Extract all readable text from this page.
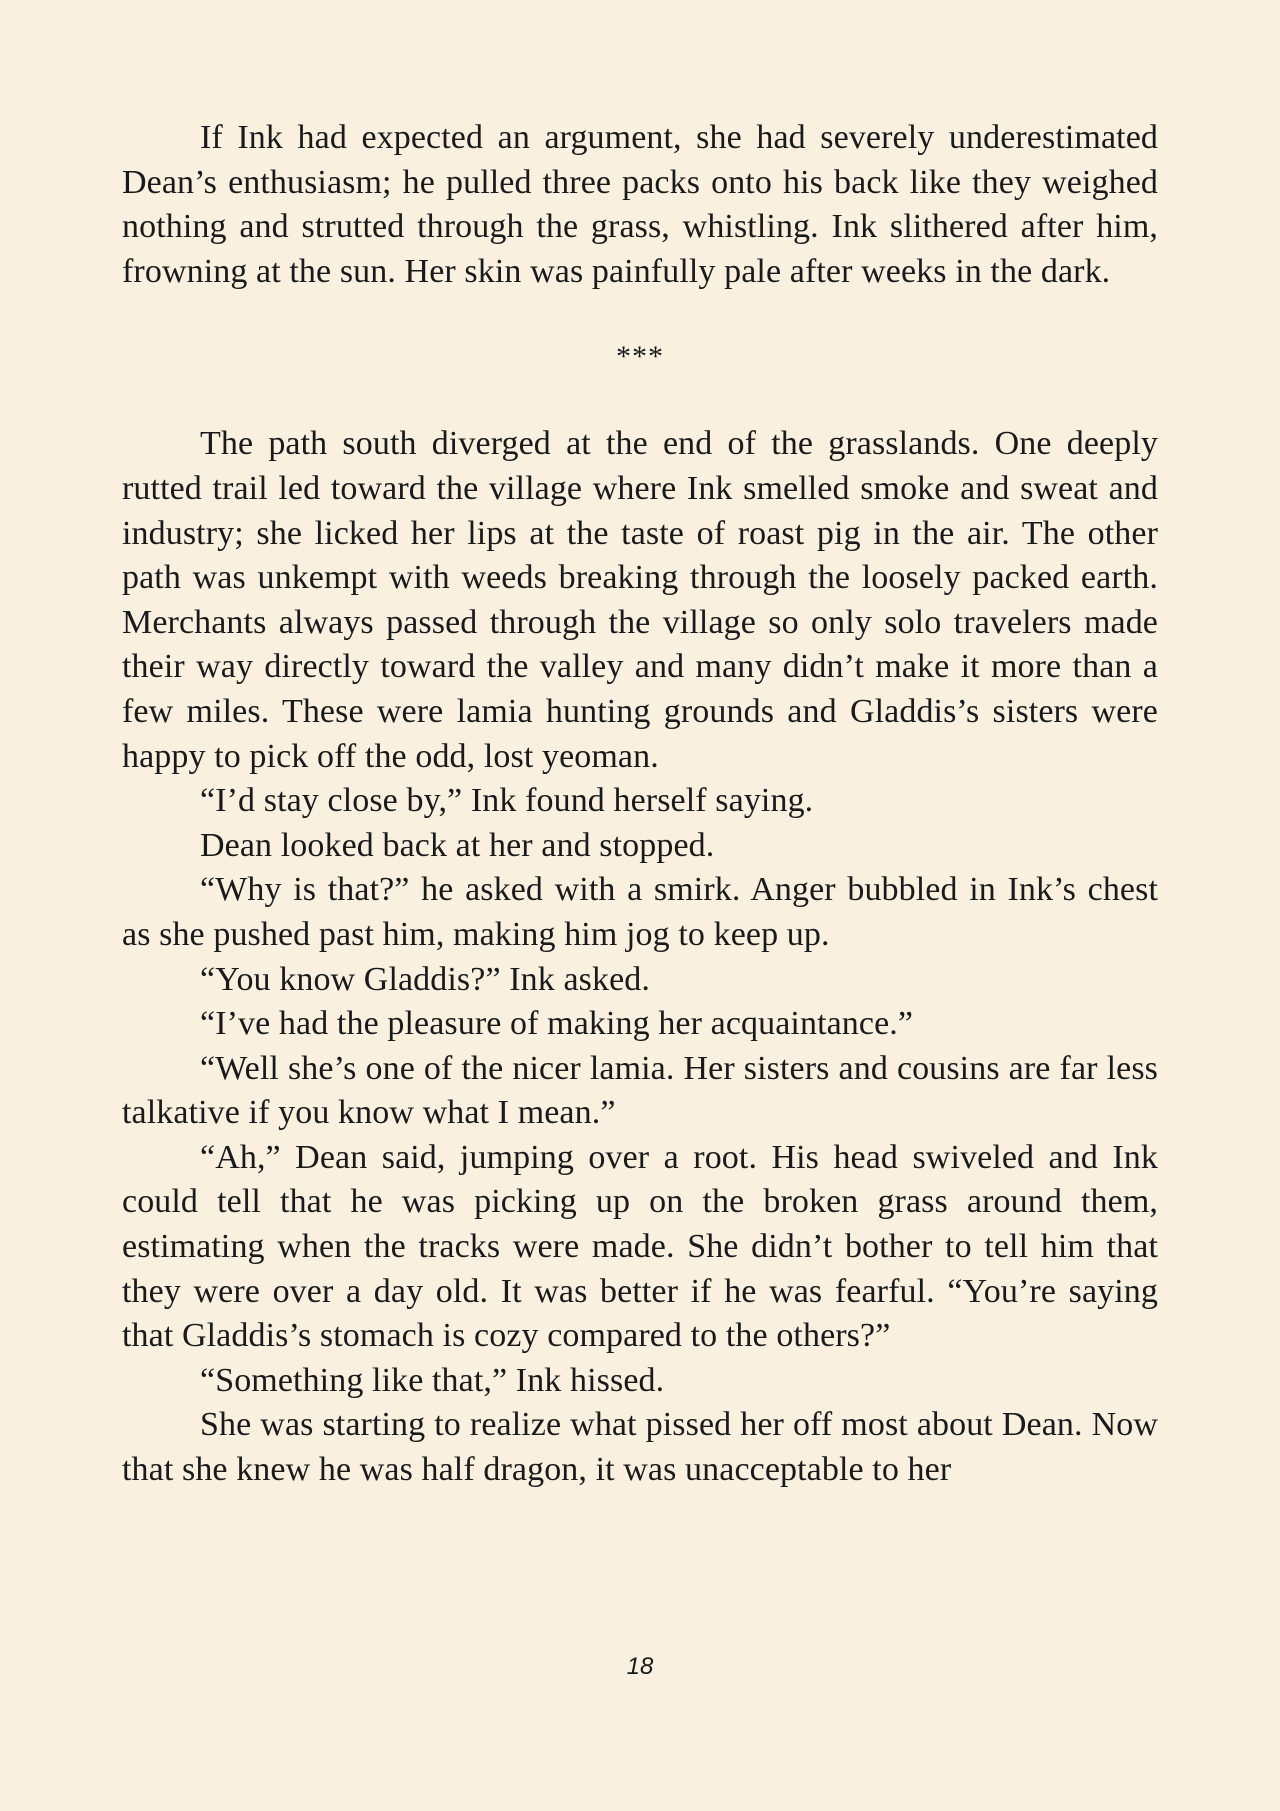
If Ink had expected an argument, she had severely underestimated Dean’s enthusiasm; he pulled three packs onto his back like they weighed nothing and strutted through the grass, whistling. Ink slithered after him, frowning at the sun. Her skin was painfully pale after weeks in the dark.

***

The path south diverged at the end of the grasslands. One deeply rutted trail led toward the village where Ink smelled smoke and sweat and industry; she licked her lips at the taste of roast pig in the air. The other path was unkempt with weeds breaking through the loosely packed earth. Merchants always passed through the village so only solo travelers made their way directly toward the valley and many didn’t make it more than a few miles. These were lamia hunting grounds and Gladdis’s sisters were happy to pick off the odd, lost yeoman.

“I’d stay close by,” Ink found herself saying.

Dean looked back at her and stopped.

“Why is that?” he asked with a smirk. Anger bubbled in Ink’s chest as she pushed past him, making him jog to keep up.

“You know Gladdis?” Ink asked.

“I’ve had the pleasure of making her acquaintance.”

“Well she’s one of the nicer lamia. Her sisters and cousins are far less talkative if you know what I mean.”

“Ah,” Dean said, jumping over a root. His head swiveled and Ink could tell that he was picking up on the broken grass around them, estimating when the tracks were made. She didn’t bother to tell him that they were over a day old. It was better if he was fearful. “You’re saying that Gladdis’s stomach is cozy compared to the others?”

“Something like that,” Ink hissed.

She was starting to realize what pissed her off most about Dean. Now that she knew he was half dragon, it was unacceptable to her

18
